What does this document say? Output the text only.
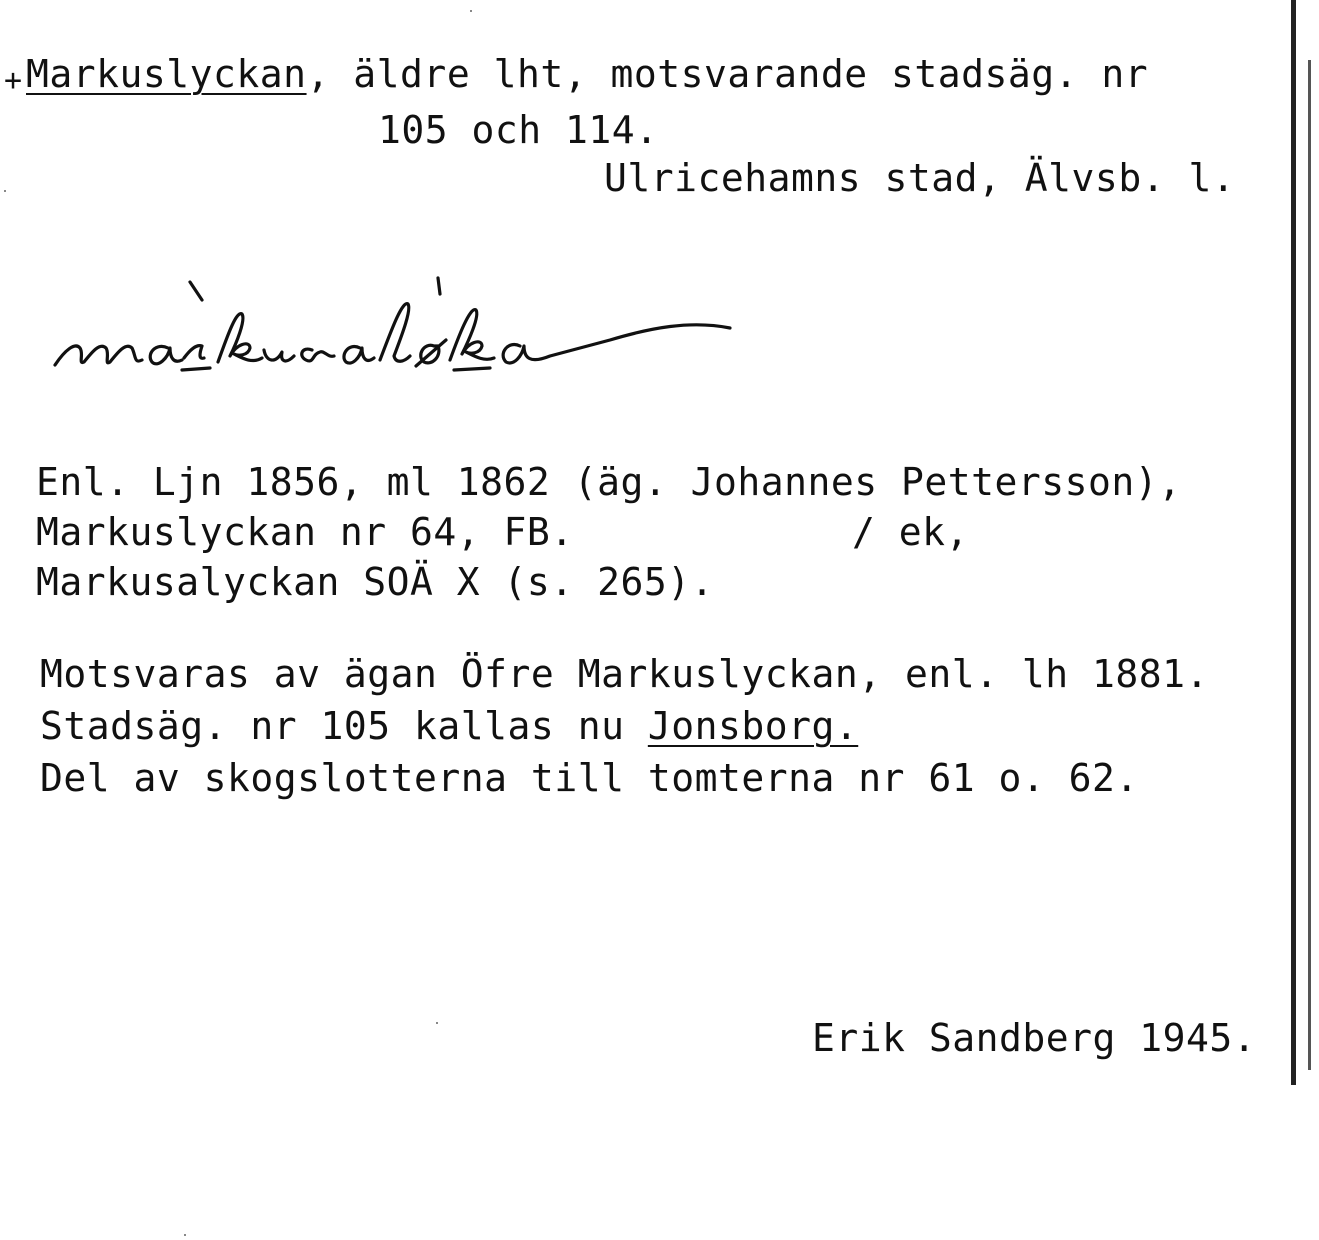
+ Markuslyckan, äldre lht, motsvarande stadsäg. nr
105 och 114.
Ulricehamns stad, Älvsb. l.
Enl. Ljn 1856, ml 1862 (äg. Johannes Pettersson),
Markuslyckan nr 64, FB.	/ ek,
Markusalyckan SOÄ X (s. 265).
Motsvaras av ägan Öfre Markuslyckan, enl. lh 1881.
Stadsäg. nr 105 kallas nu Jonsborg.
Del av skogslotterna till tomterna nr 61 o. 62.
Erik Sandberg 1945.
